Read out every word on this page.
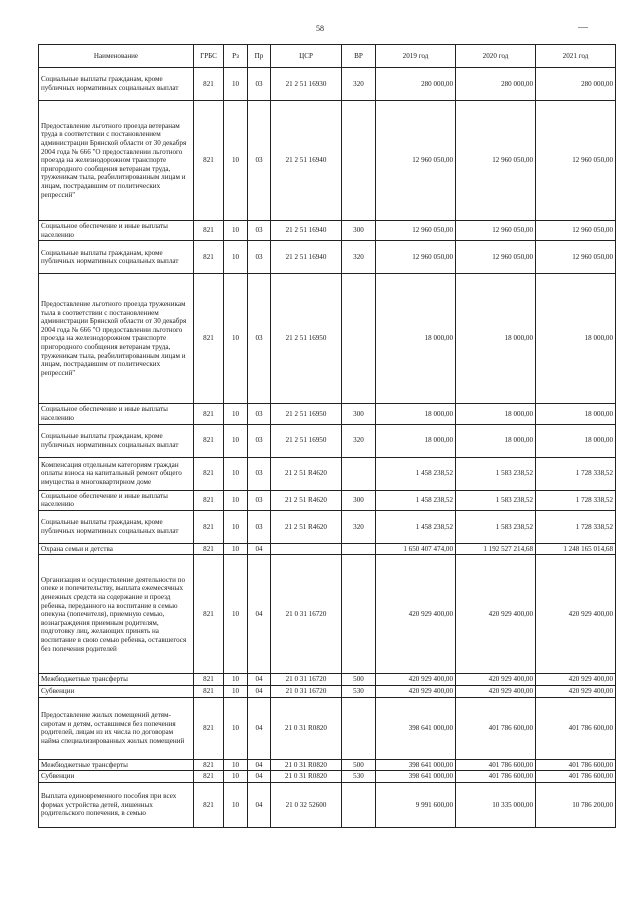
58
Наименование	ГРБС	Рз	Пр	ЦСР	ВР	2019 год	2020 год	2021 год
Социальные выплаты гражданам, кроме публичных нормативных социальных выплат	821	10	03	21 2 51 16930	320	280 000,00	280 000,00	280 000,00
Предоставление льготного проезда ветеранам труда в соответствии с постановлением администрации Брянской области от 30 декабря 2004 года № 666 "О предоставлении льготного проезда на железнодорожном транспорте пригородного сообщения ветеранам труда, труженикам тыла, реабилитированным лицам и лицам, пострадавшим от политических репрессий"	821	10	03	21 2 51 16940		12 960 050,00	12 960 050,00	12 960 050,00
Социальное обеспечение и иные выплаты населению	821	10	03	21 2 51 16940	300	12 960 050,00	12 960 050,00	12 960 050,00
Социальные выплаты гражданам, кроме публичных нормативных социальных выплат	821	10	03	21 2 51 16940	320	12 960 050,00	12 960 050,00	12 960 050,00
Предоставление льготного проезда труженикам тыла в соответствии с постановлением администрации Брянской области от 30 декабря 2004 года № 666 "О предоставлении льготного проезда на железнодорожном транспорте пригородного сообщения ветеранам труда, труженикам тыла, реабилитированным лицам и лицам, пострадавшим от политических репрессий"	821	10	03	21 2 51 16950		18 000,00	18 000,00	18 000,00
Социальное обеспечение и иные выплаты населению	821	10	03	21 2 51 16950	300	18 000,00	18 000,00	18 000,00
Социальные выплаты гражданам, кроме публичных нормативных социальных выплат	821	10	03	21 2 51 16950	320	18 000,00	18 000,00	18 000,00
Компенсация отдельным категориям граждан оплаты взноса на капитальный ремонт общего имущества в многоквартирном доме	821	10	03	21 2 51 R4620		1 458 238,52	1 583 238,52	1 728 338,52
Социальное обеспечение и иные выплаты населению	821	10	03	21 2 51 R4620	300	1 458 238,52	1 583 238,52	1 728 338,52
Социальные выплаты гражданам, кроме публичных нормативных социальных выплат	821	10	03	21 2 51 R4620	320	1 458 238,52	1 583 238,52	1 728 338,52
Охрана семьи и детства	821	10	04			1 650 407 474,00	1 192 527 214,68	1 248 165 014,68
Организация и осуществление деятельности по опеке и попечительству, выплата ежемесячных денежных средств на содержание и проезд ребенка, переданного на воспитание в семью опекуна (попечителя), приемную семью, вознаграждения приемным родителям, подготовку лиц, желающих принять на воспитание в свою семью ребенка, оставшегося без попечения родителей	821	10	04	21 0 31 16720		420 929 400,00	420 929 400,00	420 929 400,00
Межбюджетные трансферты	821	10	04	21 0 31 16720	500	420 929 400,00	420 929 400,00	420 929 400,00
Субвенции	821	10	04	21 0 31 16720	530	420 929 400,00	420 929 400,00	420 929 400,00
Предоставление жилых помещений детям-сиротам и детям, оставшимся без попечения родителей, лицам из их числа по договорам найма специализированных жилых помещений	821	10	04	21 0 31 R0820		398 641 000,00	401 786 600,00	401 786 600,00
Межбюджетные трансферты	821	10	04	21 0 31 R0820	500	398 641 000,00	401 786 600,00	401 786 600,00
Субвенции	821	10	04	21 0 31 R0820	530	398 641 000,00	401 786 600,00	401 786 600,00
Выплата единовременного пособия при всех формах устройства детей, лишенных родительского попечения, в семью	821	10	04	21 0 32 52600		9 991 600,00	10 335 000,00	10 786 200,00
